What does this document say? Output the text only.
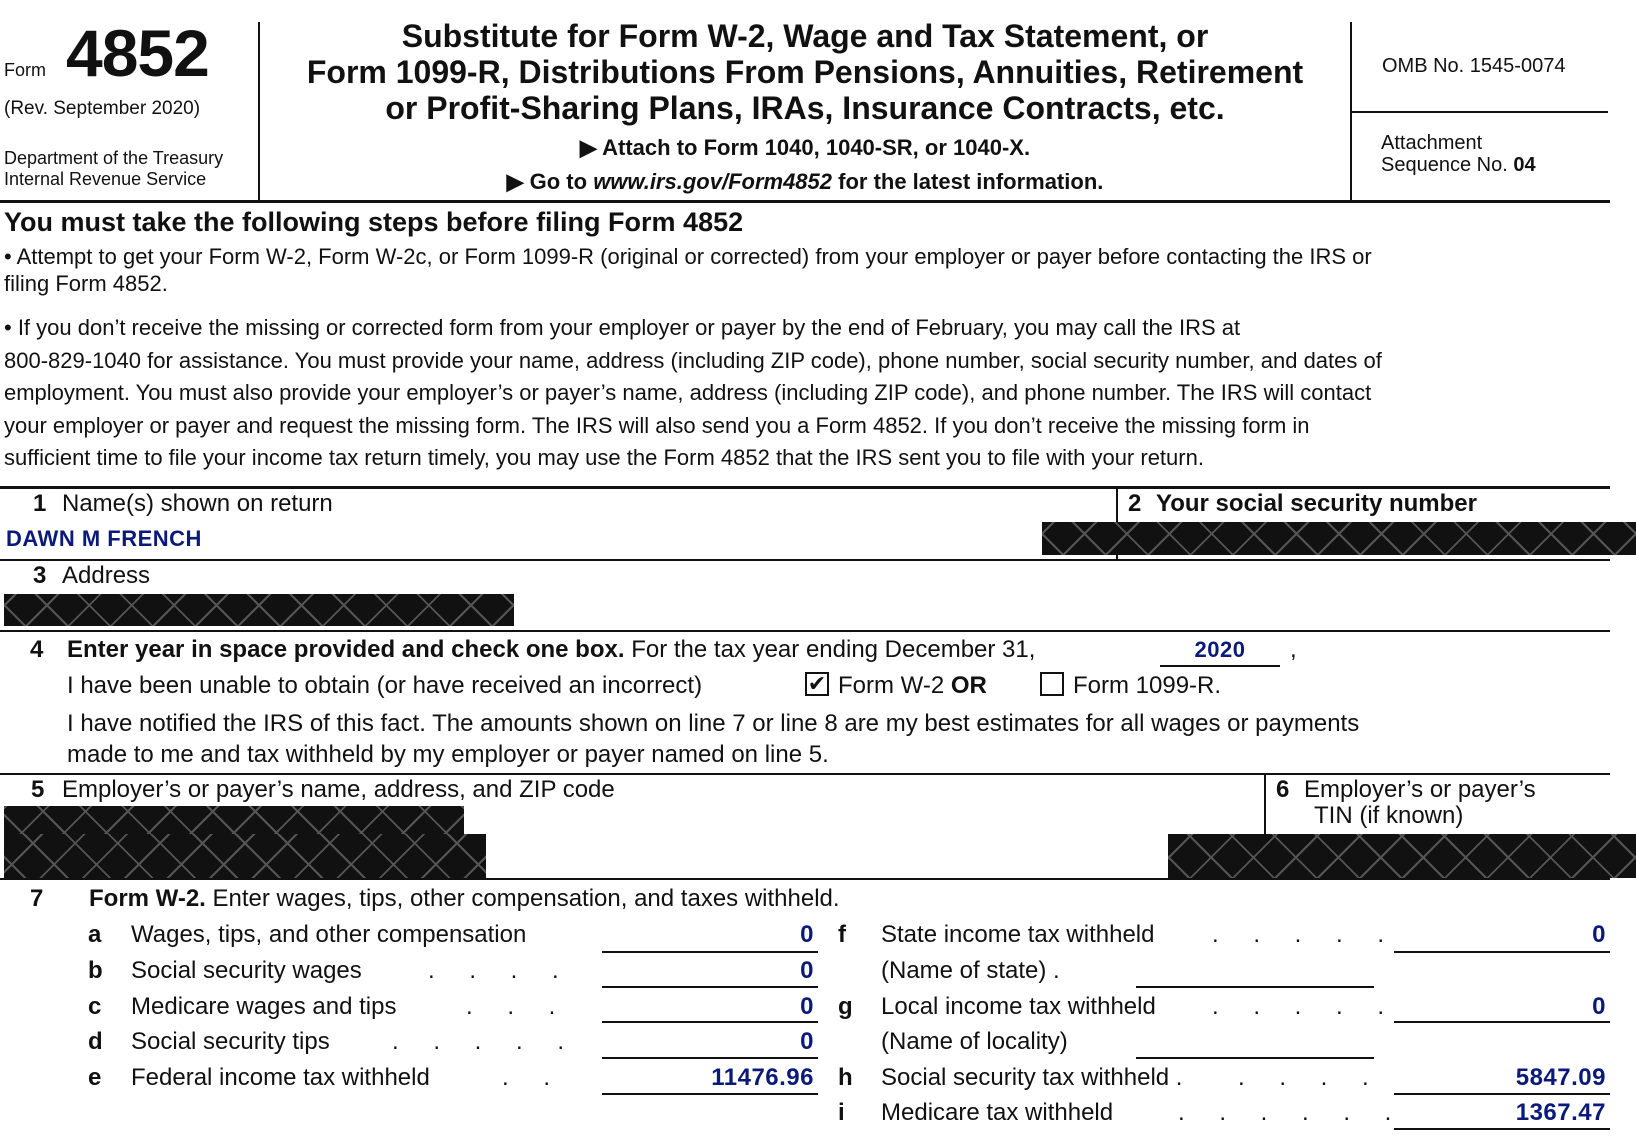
Form 4852
(Rev. September 2020)
Department of the Treasury
Internal Revenue Service
Substitute for Form W-2, Wage and Tax Statement, or
Form 1099-R, Distributions From Pensions, Annuities, Retirement
or Profit-Sharing Plans, IRAs, Insurance Contracts, etc.
▶ Attach to Form 1040, 1040-SR, or 1040-X.
▶ Go to www.irs.gov/Form4852 for the latest information.
OMB No. 1545-0074
Attachment
Sequence No. 04
You must take the following steps before filing Form 4852
• Attempt to get your Form W-2, Form W-2c, or Form 1099-R (original or corrected) from your employer or payer before contacting the IRS or
filing Form 4852.
• If you don’t receive the missing or corrected form from your employer or payer by the end of February, you may call the IRS at
800-829-1040 for assistance. You must provide your name, address (including ZIP code), phone number, social security number, and dates of
employment. You must also provide your employer’s or payer’s name, address (including ZIP code), and phone number. The IRS will contact
your employer or payer and request the missing form. The IRS will also send you a Form 4852. If you don’t receive the missing form in
sufficient time to file your income tax return timely, you may use the Form 4852 that the IRS sent you to file with your return.
1 Name(s) shown on return
DAWN M FRENCH
2 Your social security number
3 Address
4 Enter year in space provided and check one box. For the tax year ending December 31,	2020	,
I have been unable to obtain (or have received an incorrect)	✔ Form W-2 OR	Form 1099-R.
I have notified the IRS of this fact. The amounts shown on line 7 or line 8 are my best estimates for all wages or payments
made to me and tax withheld by my employer or payer named on line 5.
5 Employer’s or payer’s name, address, and ZIP code	6 Employer’s or payer’s
TIN (if known)
7 Form W-2. Enter wages, tips, other compensation, and taxes withheld.
a Wages, tips, and other compensation	0
b Social security wages	. . . .	0
c Medicare wages and tips	. . .	0
d Social security tips	. . . . .	0
e Federal income tax withheld	. .	11476.96
f State income tax withheld . . . . .	0
(Name of state) .
g Local income tax withheld . . . . .	0
(Name of locality)
h Social security tax withheld . . . . .	5847.09
i Medicare tax withheld	. . . . . .	1367.47
